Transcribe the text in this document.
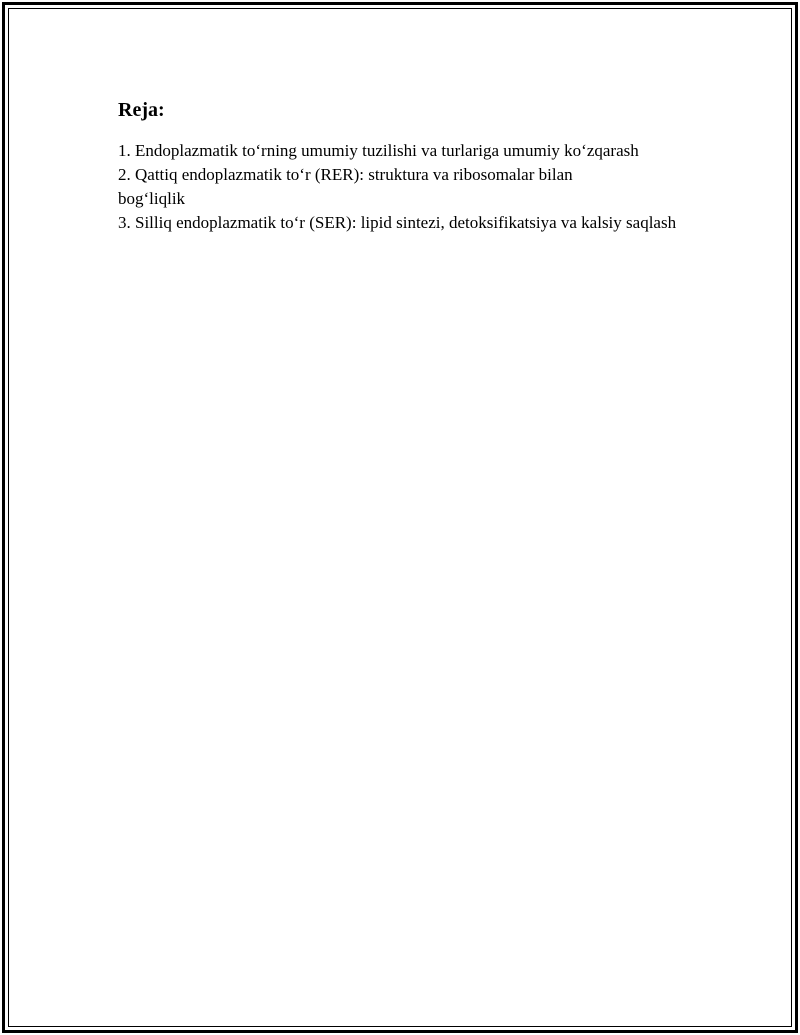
Reja:
1. Endoplazmatik to‘rning umumiy tuzilishi va turlariga umumiy ko‘zqarash
2. Qattiq endoplazmatik to‘r (RER): struktura va ribosomalar bilan bog‘liqlik
3. Silliq endoplazmatik to‘r (SER): lipid sintezi, detoksifikatsiya va kalsiy saqlash
